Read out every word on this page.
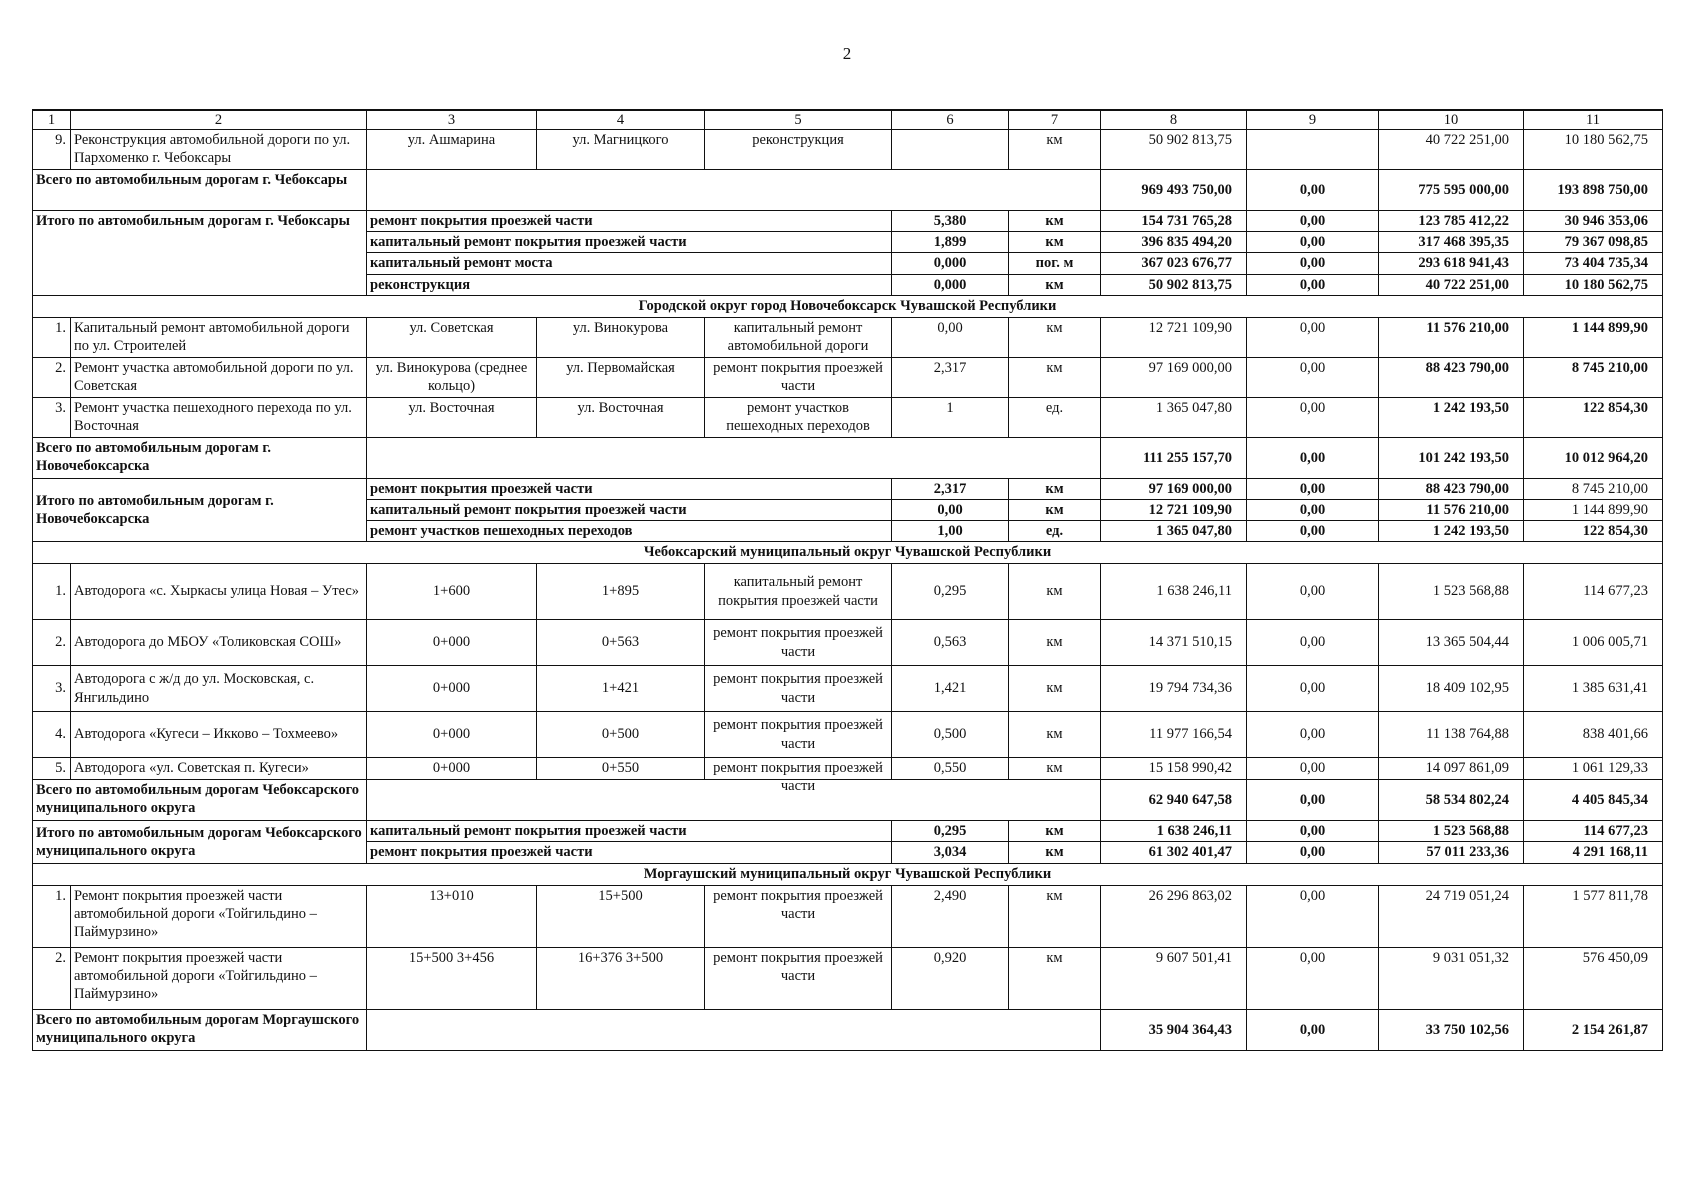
2
1	2	3	4	5	6	7	8	9	10	11
9.	Реконструкция автомобильной дороги по ул. Пархоменко г. Чебоксары	ул. Ашмарина	ул. Магницкого	реконструкция		км	50 902 813,75		40 722 251,00	10 180 562,75
Всего по автомобильным дорогам г. Чебоксары							969 493 750,00	0,00	775 595 000,00	193 898 750,00
Итого по автомобильным дорогам г. Чебоксары		ремонт покрытия проезжей части			5,380	км	154 731 765,28	0,00	123 785 412,22	30 946 353,06
		капитальный ремонт покрытия проезжей части			1,899	км	396 835 494,20	0,00	317 468 395,35	79 367 098,85
		капитальный ремонт моста			0,000	пог. м	367 023 676,77	0,00	293 618 941,43	73 404 735,34
		реконструкция			0,000	км	50 902 813,75	0,00	40 722 251,00	10 180 562,75
Городской округ город Новочебоксарск Чувашской Республики										
1.	Капитальный ремонт автомобильной дороги по ул. Строителей	ул. Советская	ул. Винокурова	капитальный ремонт автомобильной дороги	0,00	км	12 721 109,90	0,00	11 576 210,00	1 144 899,90
2.	Ремонт участка автомобильной дороги по ул. Советская	ул. Винокурова (среднее кольцо)	ул. Первомайская	ремонт покрытия проезжей части	2,317	км	97 169 000,00	0,00	88 423 790,00	8 745 210,00
3.	Ремонт участка пешеходного перехода по ул. Восточная	ул. Восточная	ул. Восточная	ремонт участков пешеходных переходов	1	ед.	1 365 047,80	0,00	1 242 193,50	122 854,30
Всего по автомобильным дорогам г. Новочебоксарска							111 255 157,70	0,00	101 242 193,50	10 012 964,20
Итого по автомобильным дорогам г. Новочебоксарска		ремонт покрытия проезжей части			2,317	км	97 169 000,00	0,00	88 423 790,00	8 745 210,00
		капитальный ремонт покрытия проезжей части			0,00	км	12 721 109,90	0,00	11 576 210,00	1 144 899,90
		ремонт участков пешеходных переходов			1,00	ед.	1 365 047,80	0,00	1 242 193,50	122 854,30
Чебоксарский муниципальный округ Чувашской Республики										
1.	Автодорога «с. Хыркасы улица Новая – Утес»	1+600	1+895	капитальный ремонт покрытия проезжей части	0,295	км	1 638 246,11	0,00	1 523 568,88	114 677,23
2.	Автодорога до МБОУ «Толиковская СОШ»	0+000	0+563	ремонт покрытия проезжей части	0,563	км	14 371 510,15	0,00	13 365 504,44	1 006 005,71
3.	Автодорога с ж/д до ул. Московская, с. Янгильдино	0+000	1+421	ремонт покрытия проезжей части	1,421	км	19 794 734,36	0,00	18 409 102,95	1 385 631,41
4.	Автодорога «Кугеси – Икково – Тохмеево»	0+000	0+500	ремонт покрытия проезжей части	0,500	км	11 977 166,54	0,00	11 138 764,88	838 401,66
5.	Автодорога «ул. Советская п. Кугеси»	0+000	0+550	ремонт покрытия проезжей части	0,550	км	15 158 990,42	0,00	14 097 861,09	1 061 129,33
Всего по автомобильным дорогам Чебоксарского муниципального округа							62 940 647,58	0,00	58 534 802,24	4 405 845,34
Итого по автомобильным дорогам Чебоксарского муниципального округа		капитальный ремонт покрытия проезжей части			0,295	км	1 638 246,11	0,00	1 523 568,88	114 677,23
		ремонт покрытия проезжей части			3,034	км	61 302 401,47	0,00	57 011 233,36	4 291 168,11
Моргаушский муниципальный округ Чувашской Республики										
1.	Ремонт покрытия проезжей части автомобильной дороги «Тойгильдино – Паймурзино»	13+010	15+500	ремонт покрытия проезжей части	2,490	км	26 296 863,02	0,00	24 719 051,24	1 577 811,78
2.	Ремонт покрытия проезжей части автомобильной дороги «Тойгильдино – Паймурзино»	15+500 3+456	16+376 3+500	ремонт покрытия проезжей части	0,920	км	9 607 501,41	0,00	9 031 051,32	576 450,09
Всего по автомобильным дорогам Моргаушского муниципального округа							35 904 364,43	0,00	33 750 102,56	2 154 261,87
